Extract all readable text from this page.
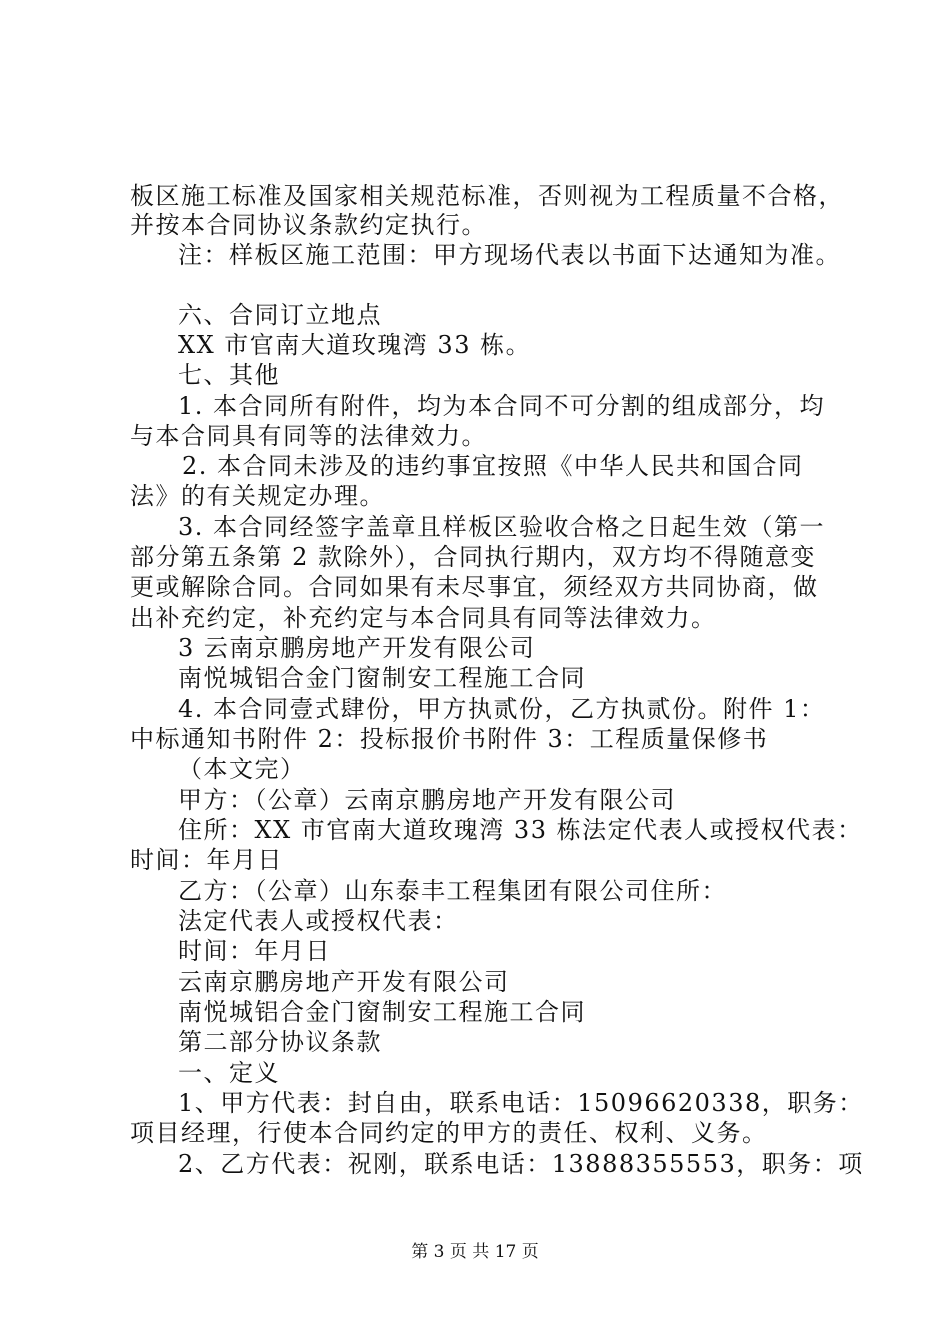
板区施工标准及国家相关规范标准，否则视为工程质量不合格，
并按本合同协议条款约定执行。
注：样板区施工范围：甲方现场代表以书面下达通知为准。
六、合同订立地点
XX 市官南大道玫瑰湾 33 栋。
七、其他
1. 本合同所有附件，均为本合同不可分割的组成部分，均
与本合同具有同等的法律效力。
2. 本合同未涉及的违约事宜按照《中华人民共和国合同
法》的有关规定办理。
3. 本合同经签字盖章且样板区验收合格之日起生效（第一
部分第五条第 2 款除外），合同执行期内，双方均不得随意变
更或解除合同。合同如果有未尽事宜，须经双方共同协商，做
出补充约定，补充约定与本合同具有同等法律效力。
3 云南京鹏房地产开发有限公司
南悦城铝合金门窗制安工程施工合同
4. 本合同壹式肆份，甲方执贰份，乙方执贰份。附件 1：
中标通知书附件 2：投标报价书附件 3：工程质量保修书
（本文完）
甲方：（公章）云南京鹏房地产开发有限公司
住所：XX 市官南大道玫瑰湾 33 栋法定代表人或授权代表：
时间：年月日
乙方：（公章）山东泰丰工程集团有限公司住所：
法定代表人或授权代表：
时间：年月日
云南京鹏房地产开发有限公司
南悦城铝合金门窗制安工程施工合同
第二部分协议条款
一、定义
1、甲方代表：封自由，联系电话：15096620338，职务：
项目经理，行使本合同约定的甲方的责任、权利、义务。
2、乙方代表：祝刚，联系电话：13888355553，职务：项
第 3 页 共 17 页
